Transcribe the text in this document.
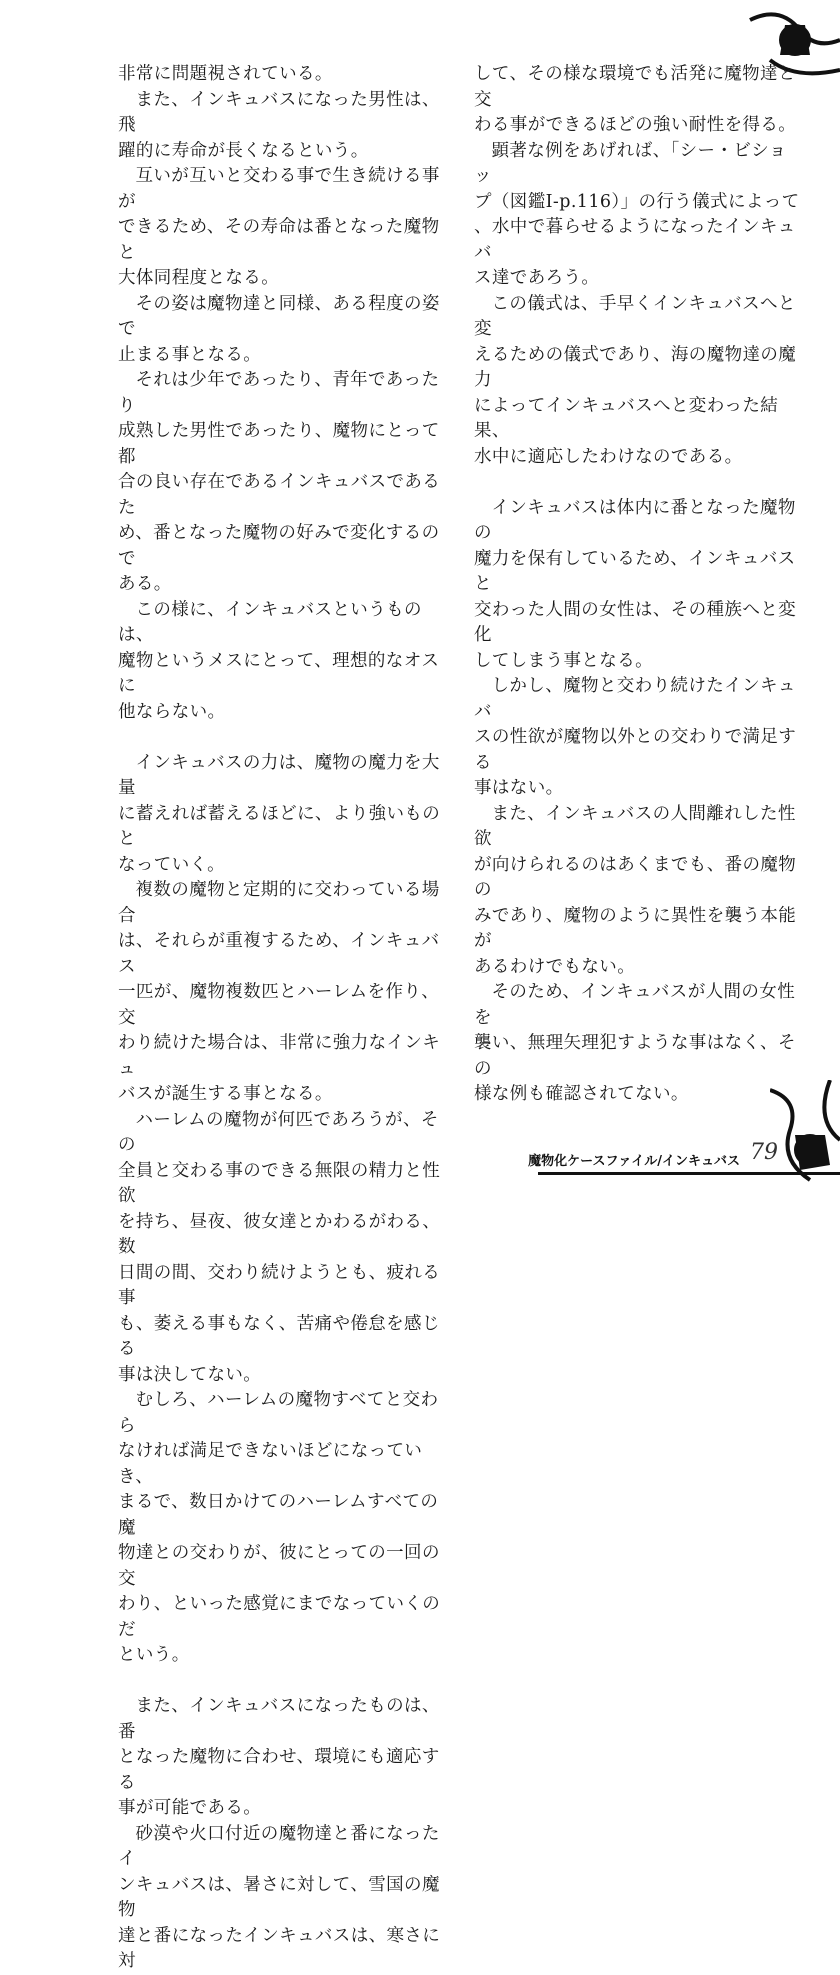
非常に問題視されている。

また、インキュバスになった男性は、飛
躍的に寿命が長くなるという。

互いが互いと交わる事で生き続ける事が
できるため、その寿命は番となった魔物と
大体同程度となる。

その姿は魔物達と同様、ある程度の姿で
止まる事となる。

それは少年であったり、青年であったり
成熟した男性であったり、魔物にとって都
合の良い存在であるインキュバスであるた
め、番となった魔物の好みで変化するので
ある。

この様に、インキュバスというものは、
魔物というメスにとって、理想的なオスに
他ならない。

インキュバスの力は、魔物の魔力を大量
に蓄えれば蓄えるほどに、より強いものと
なっていく。

複数の魔物と定期的に交わっている場合
は、それらが重複するため、インキュバス
一匹が、魔物複数匹とハーレムを作り、交
わり続けた場合は、非常に強力なインキュ
バスが誕生する事となる。

ハーレムの魔物が何匹であろうが、その
全員と交わる事のできる無限の精力と性欲
を持ち、昼夜、彼女達とかわるがわる、数
日間の間、交わり続けようとも、疲れる事
も、萎える事もなく、苦痛や倦怠を感じる
事は決してない。

むしろ、ハーレムの魔物すべてと交わら
なければ満足できないほどになっていき、
まるで、数日かけてのハーレムすべての魔
物達との交わりが、彼にとっての一回の交
わり、といった感覚にまでなっていくのだ
という。

また、インキュバスになったものは、番
となった魔物に合わせ、環境にも適応する
事が可能である。

砂漠や火口付近の魔物達と番になったイ
ンキュバスは、暑さに対して、雪国の魔物
達と番になったインキュバスは、寒さに対

して、その様な環境でも活発に魔物達と交
わる事ができるほどの強い耐性を得る。

顕著な例をあげれば、「シー・ビショッ
プ（図鑑Ⅰ-p.116）」の行う儀式によって
、水中で暮らせるようになったインキュバ
ス達であろう。

この儀式は、手早くインキュバスへと変
えるための儀式であり、海の魔物達の魔力
によってインキュバスへと変わった結果、
水中に適応したわけなのである。

インキュバスは体内に番となった魔物の
魔力を保有しているため、インキュバスと
交わった人間の女性は、その種族へと変化
してしまう事となる。

しかし、魔物と交わり続けたインキュバ
スの性欲が魔物以外との交わりで満足する
事はない。

また、インキュバスの人間離れした性欲
が向けられるのはあくまでも、番の魔物の
みであり、魔物のように異性を襲う本能が
あるわけでもない。

そのため、インキュバスが人間の女性を
襲い、無理矢理犯すような事はなく、その
様な例も確認されてない。

魔物化ケースファイル/インキュバス 79
